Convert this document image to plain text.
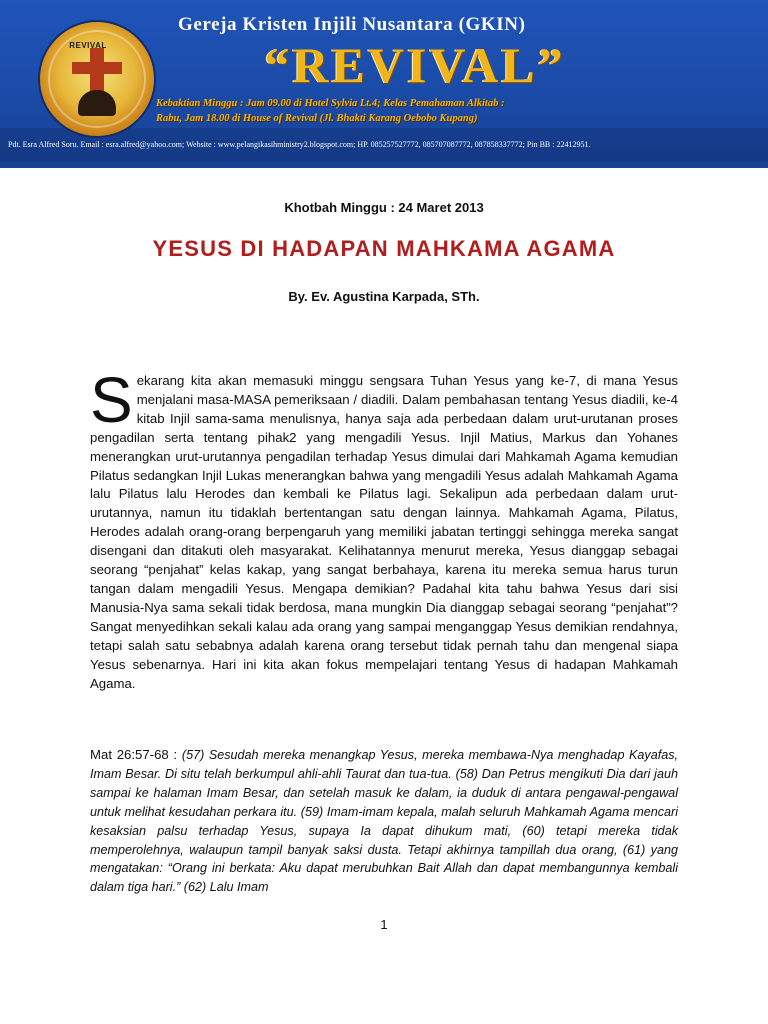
REVIVAL
Gereja Kristen Injili Nusantara (GKIN)
“REVIVAL”
Kebaktian Minggu : Jam 09.00 di Hotel Sylvia Lt.4; Kelas Pemahaman Alkitab :
Rabu, Jam 18.00 di House of Revival (Jl. Bhakti Karang Oebobo Kupang)
Pdt. Esra Alfred Soru. Email : esra.alfred@yahoo.com; Website : www.pelangikasihministry2.blogspot.com; HP. 085257527772, 085707087772, 087858337772; Pin BB : 22412951.
Khotbah Minggu : 24 Maret 2013
YESUS DI HADAPAN MAHKAMA AGAMA
By. Ev. Agustina Karpada, STh.
S ekarang kita akan memasuki minggu sengsara Tuhan Yesus yang ke-7, di mana Yesus menjalani masa-MASA pemeriksaan / diadili. Dalam pembahasan tentang Yesus diadili, ke-4 kitab Injil sama-sama menulisnya, hanya saja ada perbedaan dalam urut-urutanan proses pengadilan serta tentang pihak2 yang mengadili Yesus. Injil Matius, Markus dan Yohanes menerangkan urut-urutannya pengadilan terhadap Yesus dimulai dari Mahkamah Agama kemudian Pilatus sedangkan Injil Lukas menerangkan bahwa yang mengadili Yesus adalah Mahkamah Agama lalu Pilatus lalu Herodes dan kembali ke Pilatus lagi. Sekalipun ada perbedaan dalam urut-urutannya, namun itu tidaklah bertentangan satu dengan lainnya. Mahkamah Agama, Pilatus, Herodes adalah orang-orang berpengaruh yang memiliki jabatan tertinggi sehingga mereka sangat disengani dan ditakuti oleh masyarakat. Kelihatannya menurut mereka, Yesus dianggap sebagai seorang “penjahat” kelas kakap, yang sangat berbahaya, karena itu mereka semua harus turun tangan dalam mengadili Yesus. Mengapa demikian? Padahal kita tahu bahwa Yesus dari sisi Manusia-Nya sama sekali tidak berdosa, mana mungkin Dia dianggap sebagai seorang “penjahat”? Sangat menyedihkan sekali kalau ada orang yang sampai menganggap Yesus demikian rendahnya, tetapi salah satu sebabnya adalah karena orang tersebut tidak pernah tahu dan mengenal siapa Yesus sebenarnya. Hari ini kita akan fokus mempelajari tentang Yesus di hadapan Mahkamah Agama.
Mat 26:57-68 : (57) Sesudah mereka menangkap Yesus, mereka membawa-Nya menghadap Kayafas, Imam Besar. Di situ telah berkumpul ahli-ahli Taurat dan tua-tua. (58) Dan Petrus mengikuti Dia dari jauh sampai ke halaman Imam Besar, dan setelah masuk ke dalam, ia duduk di antara pengawal-pengawal untuk melihat kesudahan perkara itu. (59) Imam-imam kepala, malah seluruh Mahkamah Agama mencari kesaksian palsu terhadap Yesus, supaya Ia dapat dihukum mati, (60) tetapi mereka tidak memperolehnya, walaupun tampil banyak saksi dusta. Tetapi akhirnya tampillah dua orang, (61) yang mengatakan: “Orang ini berkata: Aku dapat merubuhkan Bait Allah dan dapat membangunnya kembali dalam tiga hari.” (62) Lalu Imam
1
